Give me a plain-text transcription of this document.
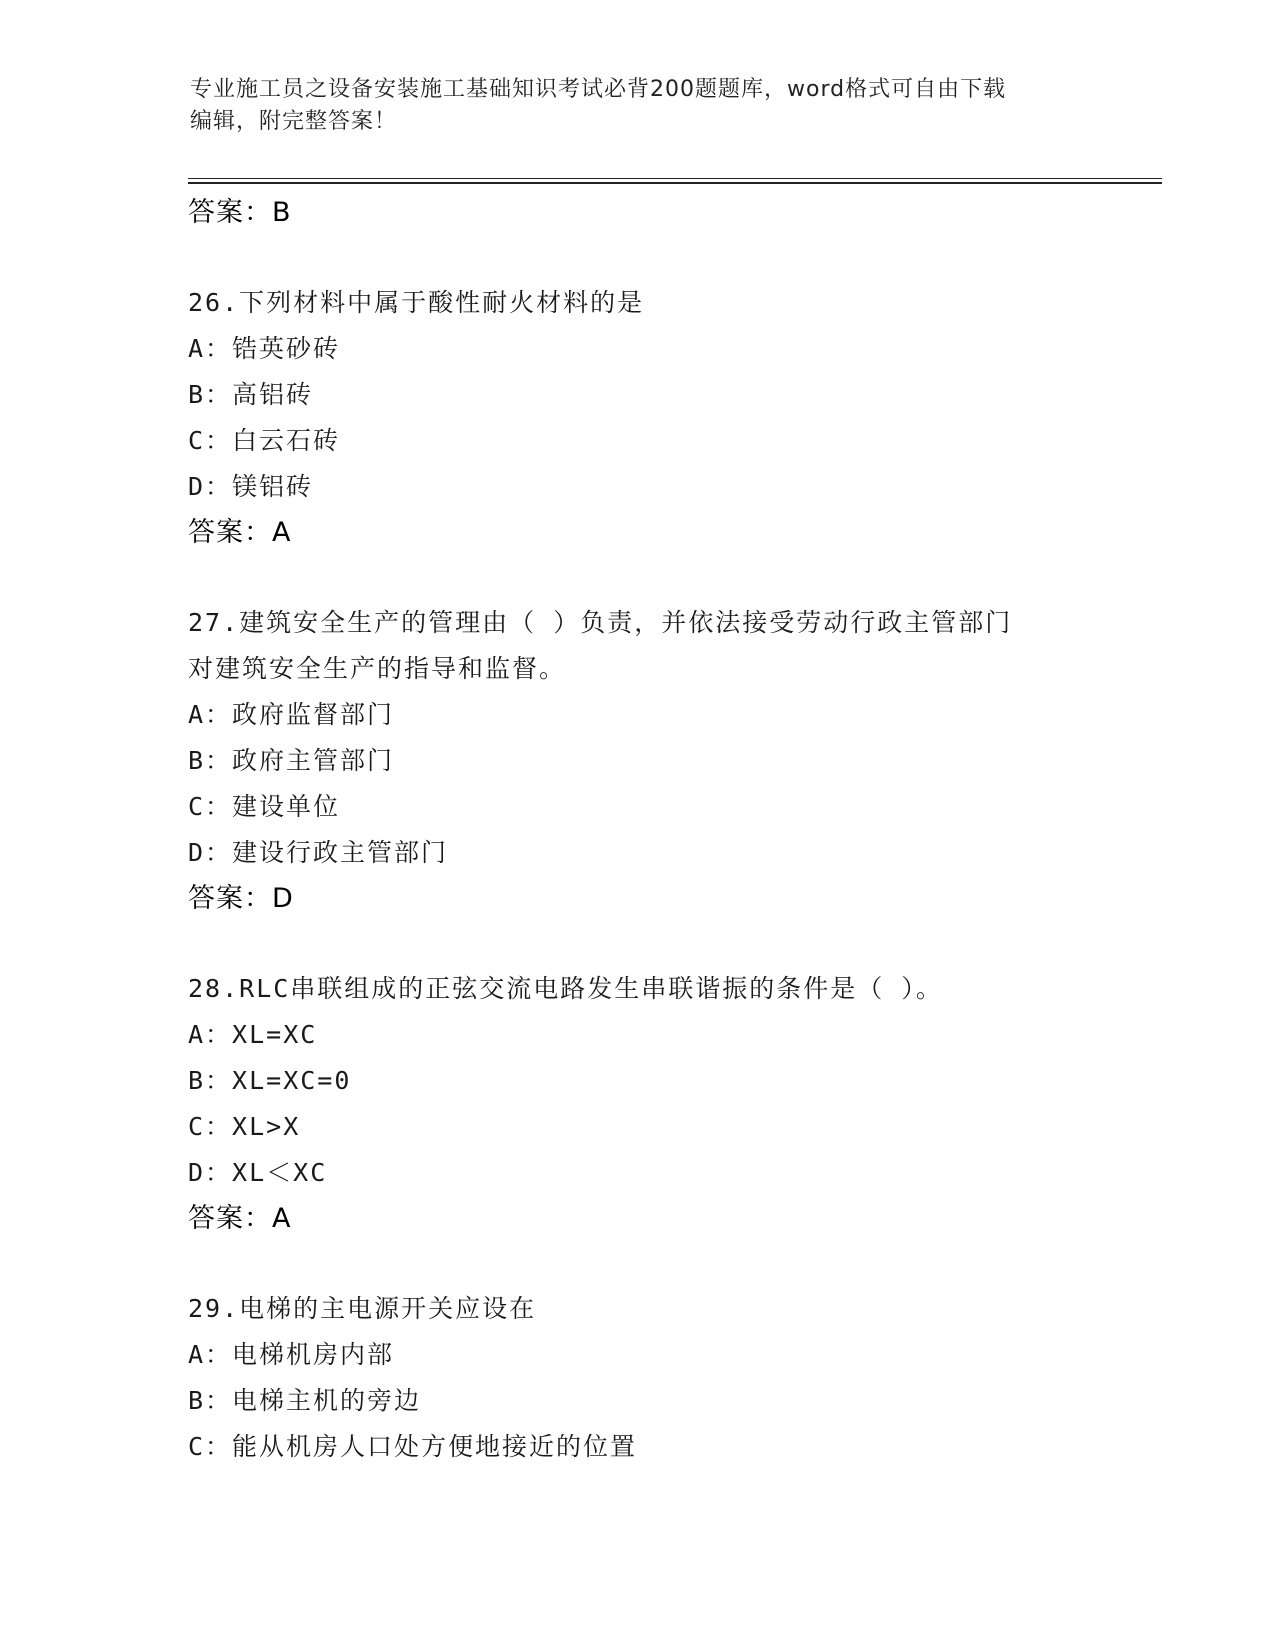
专业施工员之设备安装施工基础知识考试必背200题题库，word格式可自由下载
编辑，附完整答案！
答案：B
26.下列材料中属于酸性耐火材料的是
A：锆英砂砖
B：高铝砖
C：白云石砖
D：镁铝砖
答案：A
27.建筑安全生产的管理由（ ）负责，并依法接受劳动行政主管部门
对建筑安全生产的指导和监督。
A：政府监督部门
B：政府主管部门
C：建设单位
D：建设行政主管部门
答案：D
28.RLC串联组成的正弦交流电路发生串联谐振的条件是（ ）。
A：XL=XC
B：XL=XC=0
C：XL>X
D：XL＜XC
答案：A
29.电梯的主电源开关应设在
A：电梯机房内部
B：电梯主机的旁边
C：能从机房人口处方便地接近的位置
